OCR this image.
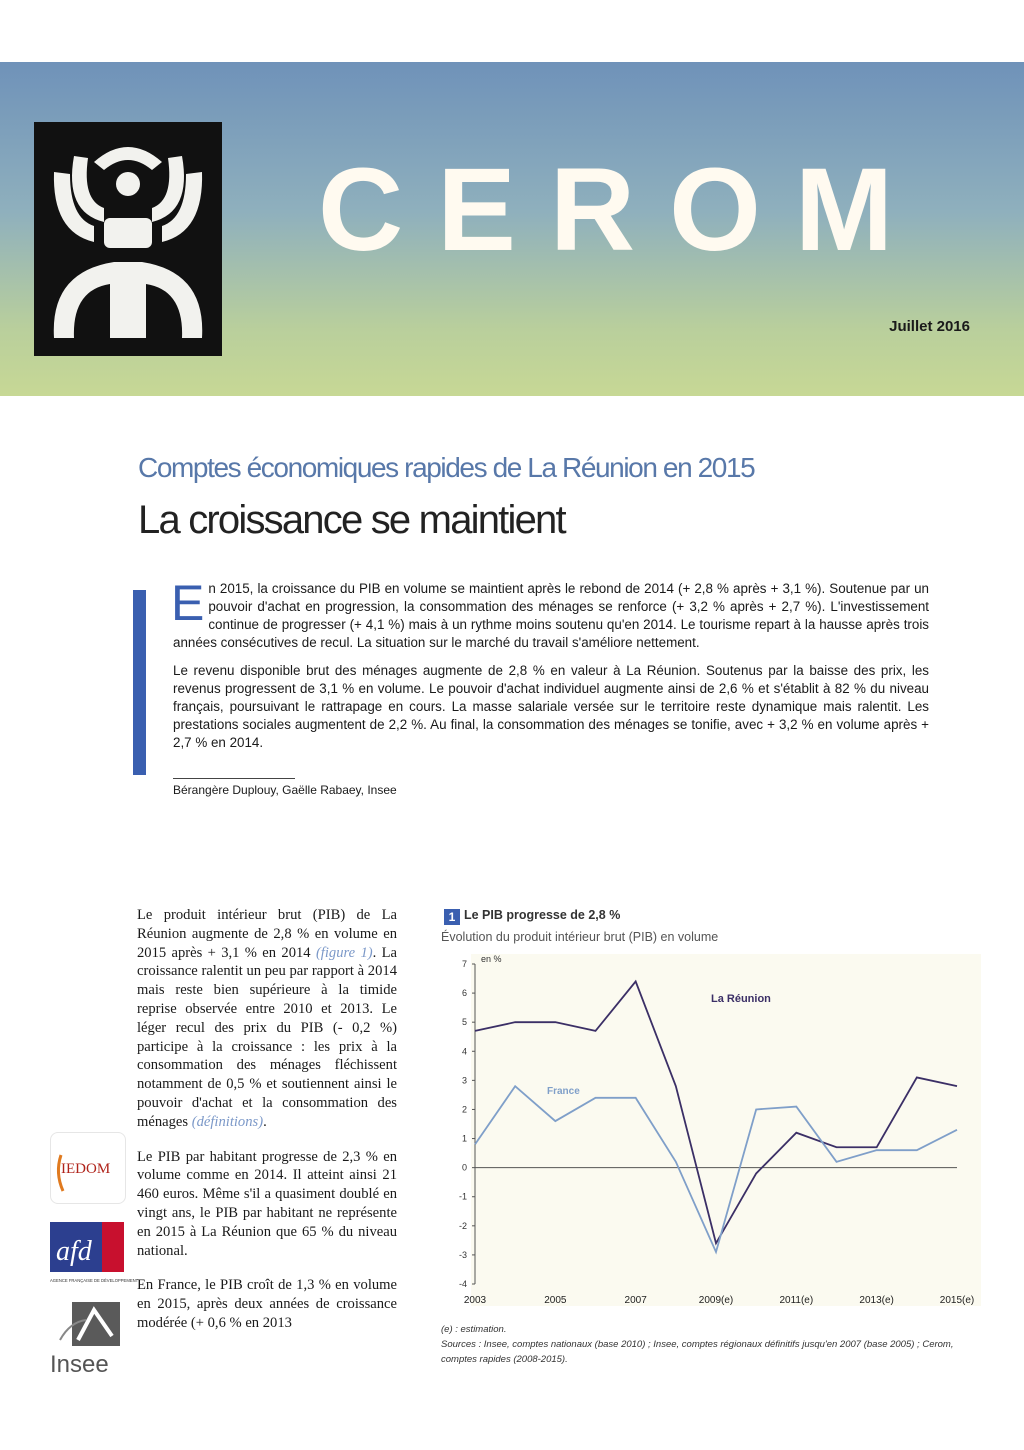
CEROM
Juillet 2016
Comptes économiques rapides de La Réunion en 2015
La croissance se maintient

En 2015, la croissance du PIB en volume se maintient après le rebond de 2014 (+ 2,8 % après + 3,1 %). Soutenue par un pouvoir d'achat en progression, la consommation des ménages se renforce (+ 3,2 % après + 2,7 %). L'investissement continue de progresser (+ 4,1 %) mais à un rythme moins soutenu qu'en 2014. Le tourisme repart à la hausse après trois années consécutives de recul. La situation sur le marché du travail s'améliore nettement.

Le revenu disponible brut des ménages augmente de 2,8 % en valeur à La Réunion. Soutenus par la baisse des prix, les revenus progressent de 3,1 % en volume. Le pouvoir d'achat individuel augmente ainsi de 2,6 % et s'établit à 82 % du niveau français, poursuivant le rattrapage en cours. La masse salariale versée sur le territoire reste dynamique mais ralentit. Les prestations sociales augmentent de 2,2 %. Au final, la consommation des ménages se tonifie, avec + 3,2 % en volume après + 2,7 % en 2014.

Bérangère Duplouy, Gaëlle Rabaey, Insee

Le produit intérieur brut (PIB) de La Réunion augmente de 2,8 % en volume en 2015 après + 3,1 % en 2014 (figure 1). La croissance ralentit un peu par rapport à 2014 mais reste bien supérieure à la timide reprise observée entre 2010 et 2013. Le léger recul des prix du PIB (- 0,2 %) participe à la croissance : les prix à la consommation des ménages fléchissent notamment de 0,5 % et soutiennent ainsi le pouvoir d'achat et la consommation des ménages (définitions).

Le PIB par habitant progresse de 2,3 % en volume comme en 2014. Il atteint ainsi 21 460 euros. Même s'il a quasiment doublé en vingt ans, le PIB par habitant ne représente en 2015 à La Réunion que 65 % du niveau national.

En France, le PIB croît de 1,3 % en volume en 2015, après deux années de croissance modérée (+ 0,6 % en 2013

IEDOM
afd
AGENCE FRANÇAISE DE DÉVELOPPEMENT
Insee
1 Le PIB progresse de 2,8 %
Évolution du produit intérieur brut (PIB) en volume
7
6
5
4
3
2
1
0
-1
-2
-3
-4
en %
2003	2005	2007	2009(e)	2011(e)	2013(e)	2015(e)
La Réunion
France
(e) : estimation.
Sources : Insee, comptes nationaux (base 2010) ; Insee, comptes régionaux définitifs jusqu'en 2007 (base 2005) ; Cerom, comptes rapides (2008-2015).
